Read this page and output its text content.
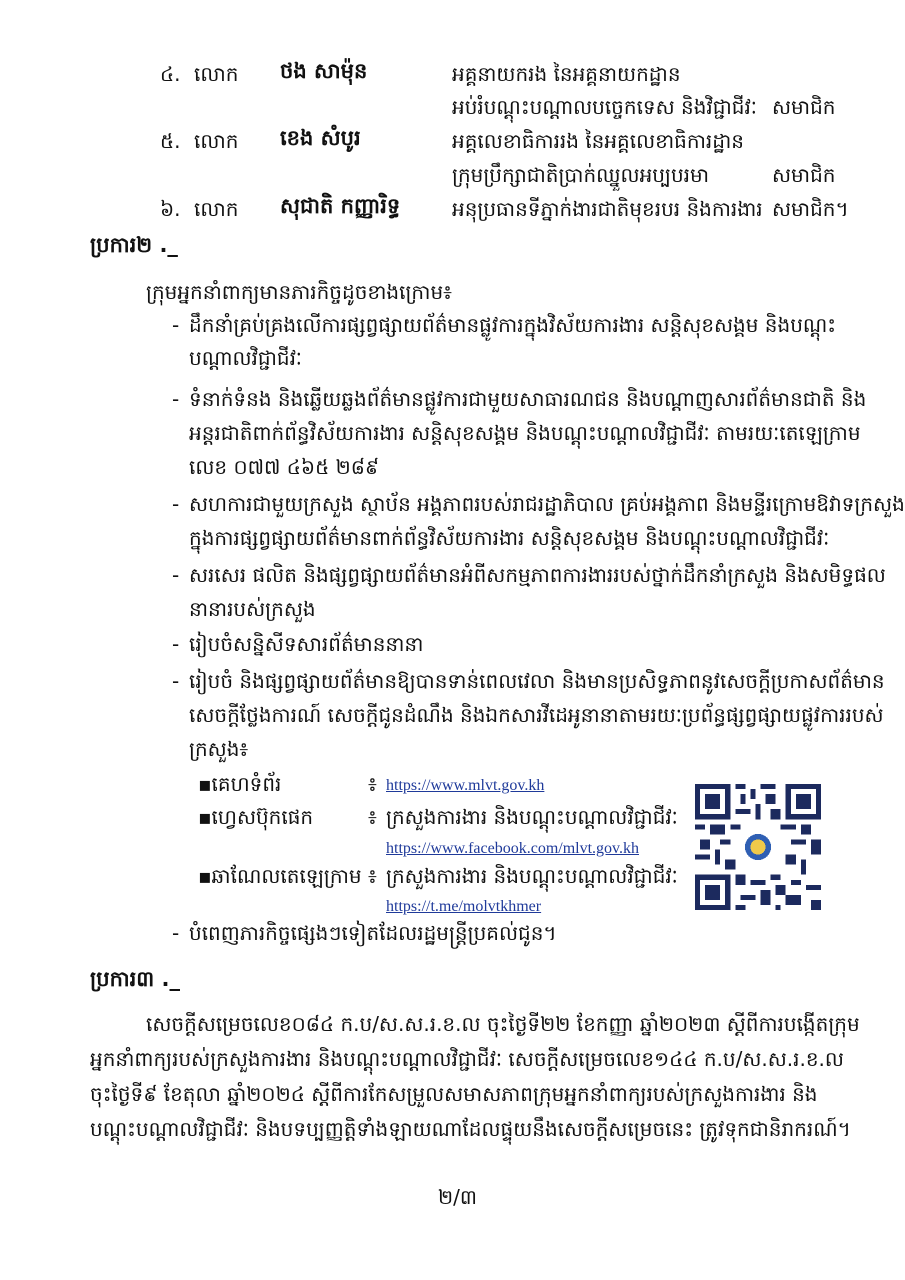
៤. លោក ថង សាម៉ុន	អគ្គនាយករង នៃអគ្គនាយកដ្ឋាន
អប់រំបណ្ដុះបណ្ដាលបច្ចេកទេស និងវិជ្ជាជីវៈ សមាជិក
៥. លោក ខេង សំបូរ	អគ្គលេខាធិការរង នៃអគ្គលេខាធិការដ្ឋាន
ក្រុមប្រឹក្សាជាតិប្រាក់ឈ្នួលអប្បបរមា	សមាជិក
៦. លោក សុជាតិ កញ្ញារិទ្ធ	អនុប្រធានទីភ្នាក់ងារជាតិមុខរបរ និងការងារ សមាជិក។
ប្រការ២ ._
ក្រុមអ្នកនាំពាក្យមានភារកិច្ចដូចខាងក្រោម៖
- ដឹកនាំគ្រប់គ្រងលើការផ្សព្វផ្សាយព័ត៌មានផ្លូវការក្នុងវិស័យការងារ សន្តិសុខសង្គម និងបណ្ដុះ
បណ្ដាលវិជ្ជាជីវៈ
- ទំនាក់ទំនង និងឆ្លើយឆ្លងព័ត៌មានផ្លូវការជាមួយសាធារណជន និងបណ្ដាញសារព័ត៌មានជាតិ និង
អន្តរជាតិពាក់ព័ន្ធវិស័យការងារ សន្តិសុខសង្គម និងបណ្ដុះបណ្ដាលវិជ្ជាជីវៈ តាមរយៈតេឡេក្រាម
លេខ ០៧៧ ៤៦៥ ២៨៩
- សហការជាមួយក្រសួង ស្ថាប័ន អង្គភាពរបស់រាជរដ្ឋាភិបាល គ្រប់អង្គភាព និងមន្ទីរក្រោមឱវាទក្រសួង
ក្នុងការផ្សព្វផ្សាយព័ត៌មានពាក់ព័ន្ធវិស័យការងារ សន្តិសុខសង្គម និងបណ្ដុះបណ្ដាលវិជ្ជាជីវៈ
- សរសេរ ផលិត និងផ្សព្វផ្សាយព័ត៌មានអំពីសកម្មភាពការងាររបស់ថ្នាក់ដឹកនាំក្រសួង និងសមិទ្ធផល
នានារបស់ក្រសួង
- រៀបចំសន្និសីទសារព័ត៌មាននានា
- រៀបចំ និងផ្សព្វផ្សាយព័ត៌មានឱ្យបានទាន់ពេលវេលា និងមានប្រសិទ្ធភាពនូវសេចក្ដីប្រកាសព័ត៌មាន
សេចក្ដីថ្លែងការណ៍ សេចក្ដីជូនដំណឹង និងឯកសារវីដេអូនានាតាមរយៈប្រព័ន្ធផ្សព្វផ្សាយផ្លូវការរបស់
ក្រសួង៖
▪គេហទំព័រ	៖ https://www.mlvt.gov.kh
▪ហ្វេសប៊ុកផេក	៖ ក្រសួងការងារ និងបណ្ដុះបណ្ដាលវិជ្ជាជីវៈ
https://www.facebook.com/mlvt.gov.kh
▪ឆាណែលតេឡេក្រាម ៖ ក្រសួងការងារ និងបណ្ដុះបណ្ដាលវិជ្ជាជីវៈ
https://t.me/molvtkhmer
- បំពេញភារកិច្ចផ្សេងៗទៀតដែលរដ្ឋមន្ត្រីប្រគល់ជូន។
ប្រការ៣ ._
សេចក្ដីសម្រេចលេខ០៨៤ ក.ប/ស.ស.រ.ខ.ល ចុះថ្ងៃទី២២ ខែកញ្ញា ឆ្នាំ២០២៣ ស្ដីពីការបង្កើតក្រុម
អ្នកនាំពាក្យរបស់ក្រសួងការងារ និងបណ្ដុះបណ្ដាលវិជ្ជាជីវៈ សេចក្ដីសម្រេចលេខ១៤៤ ក.ប/ស.ស.រ.ខ.ល
ចុះថ្ងៃទី៩ ខែតុលា ឆ្នាំ២០២៤ ស្ដីពីការកែសម្រួលសមាសភាពក្រុមអ្នកនាំពាក្យរបស់ក្រសួងការងារ និង
បណ្ដុះបណ្ដាលវិជ្ជាជីវៈ និងបទប្បញ្ញត្តិទាំងឡាយណាដែលផ្ទុយនឹងសេចក្ដីសម្រេចនេះ ត្រូវទុកជានិរាករណ៍។
២/៣
